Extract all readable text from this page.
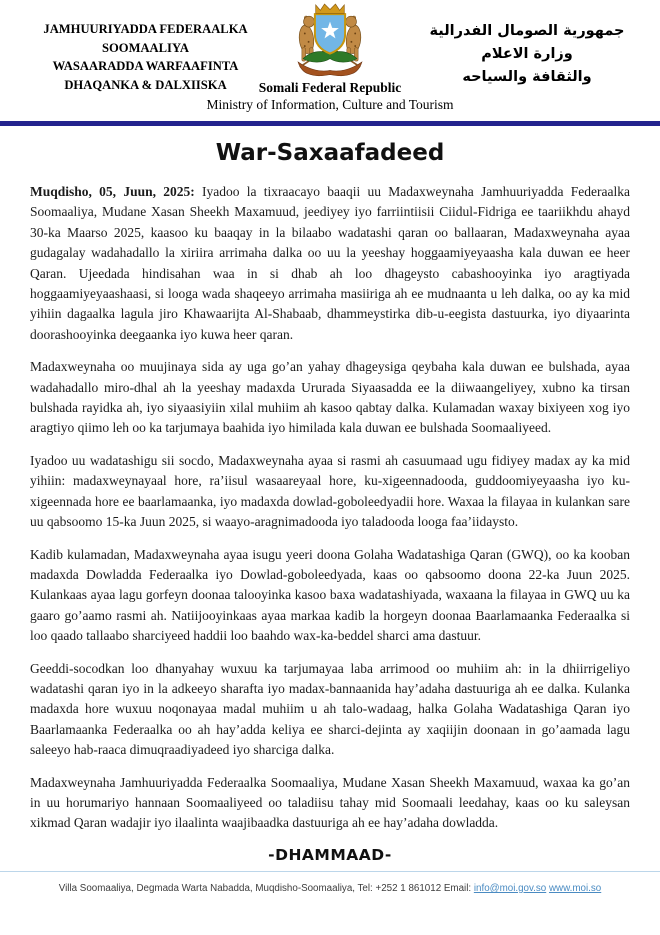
JAMHUURIYADDA FEDERAALKA
SOOMAALIYA
WASAARADDA WARFAAFINTA
DHAQANKA & DALXIISKA	Somali Federal Republic
Ministry of Information, Culture and Tourism
جمهورية الصومال الفدرالية
وزارة الاعلام
والثقافة والسياحه
War-Saxaafadeed

Muqdisho, 05, Juun, 2025: Iyadoo la tixraacayo baaqii uu Madaxweynaha Jamhuuriyadda Federaalka Soomaaliya, Mudane Xasan Sheekh Maxamuud, jeediyey iyo farriintiisii Ciidul-Fidriga ee taariikhdu ahayd 30-ka Maarso 2025, kaasoo ku baaqay in la bilaabo wadatashi qaran oo ballaaran, Madaxweynaha ayaa gudagalay wadahadallo la xiriira arrimaha dalka oo uu la yeeshay hoggaamiyeyaasha kala duwan ee heer Qaran. Ujeedada hindisahan waa in si dhab ah loo dhageysto cabashooyinka iyo aragtiyada hoggaamiyeyaashaasi, si looga wada shaqeeyo arrimaha masiiriga ah ee mudnaanta u leh dalka, oo ay ka mid yihiin dagaalka lagula jiro Khawaarijta Al-Shabaab, dhammeystirka dib-u-eegista dastuurka, iyo diyaarinta doorashooyinka deegaanka iyo kuwa heer qaran.

Madaxweynaha oo muujinaya sida ay uga go’an yahay dhageysiga qeybaha kala duwan ee bulshada, ayaa wadahadallo miro-dhal ah la yeeshay madaxda Ururada Siyaasadda ee la diiwaangeliyey, xubno ka tirsan bulshada rayidka ah, iyo siyaasiyiin xilal muhiim ah kasoo qabtay dalka. Kulamadan waxay bixiyeen xog iyo aragtiyo qiimo leh oo ka tarjumaya baahida iyo himilada kala duwan ee bulshada Soomaaliyeed.

Iyadoo uu wadatashigu sii socdo, Madaxweynaha ayaa si rasmi ah casuumaad ugu fidiyey madax ay ka mid yihiin: madaxweynayaal hore, ra’iisul wasaareyaal hore, ku-xigeennadooda, guddoomiyeyaasha iyo ku-xigeennada hore ee baarlamaanka, iyo madaxda dowlad-goboleedyadii hore. Waxaa la filayaa in kulankan sare uu qabsoomo 15-ka Juun 2025, si waayo-aragnimadooda iyo taladooda looga faa’iidaysto.

Kadib kulamadan, Madaxweynaha ayaa isugu yeeri doona Golaha Wadatashiga Qaran (GWQ), oo ka kooban madaxda Dowladda Federaalka iyo Dowlad-goboleedyada, kaas oo qabsoomo doona 22-ka Juun 2025. Kulankaas ayaa lagu gorfeyn doonaa talooyinka kasoo baxa wadatashiyada, waxaana la filayaa in GWQ uu ka gaaro go’aamo rasmi ah. Natiijooyinkaas ayaa markaa kadib la horgeyn doonaa Baarlamaanka Federaalka si loo qaado tallaabo sharciyeed haddii loo baahdo wax-ka-beddel sharci ama dastuur.

Geeddi-socodkan loo dhanyahay wuxuu ka tarjumayaa laba arrimood oo muhiim ah: in la dhiirrigeliyo wadatashi qaran iyo in la adkeeyo sharafta iyo madax-bannaanida hay’adaha dastuuriga ah ee dalka. Kulanka madaxda hore wuxuu noqonayaa madal muhiim u ah talo-wadaag, halka Golaha Wadatashiga Qaran iyo Baarlamaanka Federaalka oo ah hay’adda keliya ee sharci-dejinta ay xaqiijin doonaan in go’aamada lagu saleeyo hab-raaca dimuqraadiyadeed iyo sharciga dalka.

Madaxweynaha Jamhuuriyadda Federaalka Soomaaliya, Mudane Xasan Sheekh Maxamuud, waxaa ka go’an in uu horumariyo hannaan Soomaaliyeed oo taladiisu tahay mid Soomaali leedahay, kaas oo ku saleysan xikmad Qaran wadajir iyo ilaalinta waajibaadka dastuuriga ah ee hay’adaha dowladda.

-DHAMMAAD-
Villa Soomaaliya, Degmada Warta Nabadda, Muqdisho-Soomaaliya, Tel: +252 1 861012 Email: info@moi.gov.so www.moi.so
